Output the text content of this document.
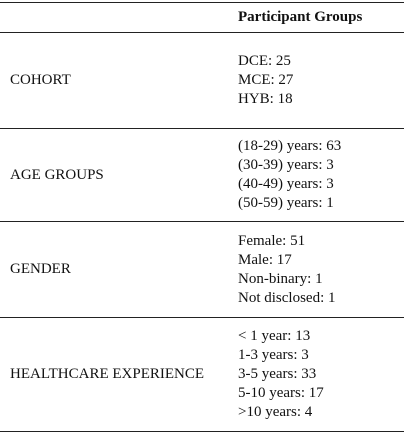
	Participant Groups
COHORT	DCE: 25
MCE: 27
HYB: 18

AGE GROUPS	(18-29) years: 63
(30-39) years: 3
(40-49) years: 3
(50-59) years: 1

GENDER	Female: 51
Male: 17
Non-binary: 1
Not disclosed: 1

HEALTHCARE EXPERIENCE	< 1 year: 13
1-3 years: 3
3-5 years: 33
5-10 years: 17
>10 years: 4
